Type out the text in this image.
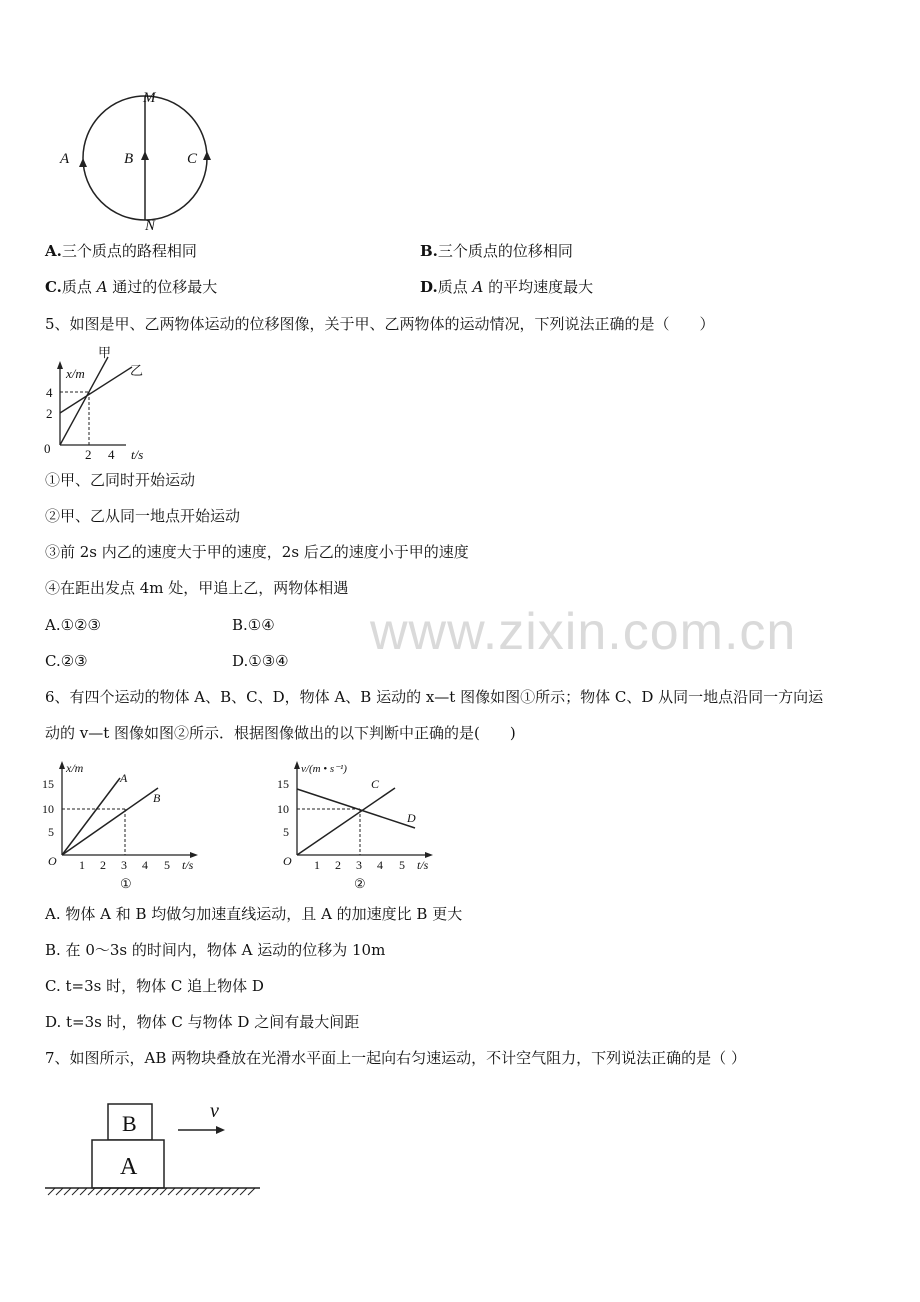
M
N
A	B	C
A.三个质点的路程相同	B.三个质点的位移相同
C.质点 A 通过的位移最大	D.质点 A 的平均速度最大
5、如图是甲、乙两物体运动的位移图像，关于甲、乙两物体的运动情况，下列说法正确的是（　　）
甲
乙
x/m
4
2
0	2 4 t/s
①甲、乙同时开始运动
②甲、乙从同一地点开始运动
③前 2s 内乙的速度大于甲的速度，2s 后乙的速度小于甲的速度
④在距出发点 4m 处，甲追上乙，两物体相遇
A.①②③	B.①④
C.②③	D.①③④ www.zixin.com.cn
6、有四个运动的物体 A、B、C、D，物体 A、B 运动的 x—t 图像如图①所示；物体 C、D 从同一地点沿同一方向运
动的 v—t 图像如图②所示．根据图像做出的以下判断中正确的是(　　)
x/m
A
B
15
10
5
O 1 2 3 4 5 t/s
①
v/(m • s⁻¹)
C
D
15
10
5
O 1 2 3 4 5 t/s
②
A. 物体 A 和 B 均做匀加速直线运动，且 A 的加速度比 B 更大
B. 在 0～3s 的时间内，物体 A 运动的位移为 10m
C. t=3s 时，物体 C 追上物体 D
D. t=3s 时，物体 C 与物体 D 之间有最大间距
7、如图所示，AB 两物块叠放在光滑水平面上一起向右匀速运动，不计空气阻力，下列说法正确的是（ ）
B
A
v
